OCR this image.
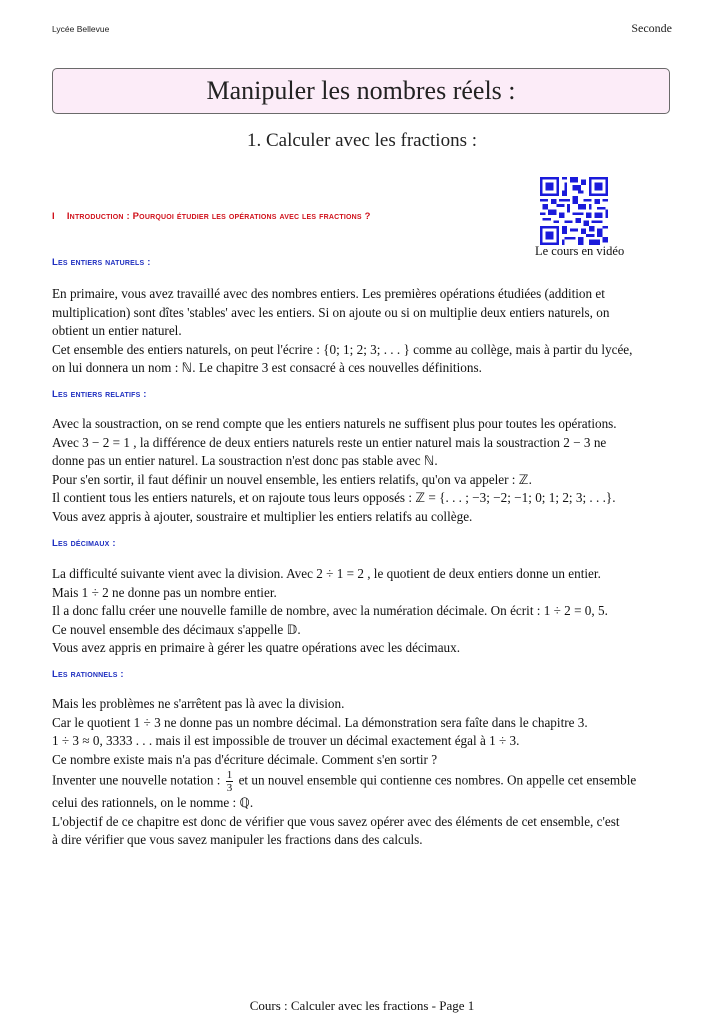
Lycée Bellevue	Seconde
Manipuler les nombres réels :
1. Calculer avec les fractions :
Le cours en vidéo
I Introduction : Pourquoi étudier les opérations avec les fractions ?
Les entiers naturels :

En primaire, vous avez travaillé avec des nombres entiers. Les premières opérations étudiées (addition et

multiplication) sont dîtes 'stables' avec les entiers. Si on ajoute ou si on multiplie deux entiers naturels, on

obtient un entier naturel.

Cet ensemble des entiers naturels, on peut l'écrire : {0; 1; 2; 3; . . . } comme au collège, mais à partir du lycée,

on lui donnera un nom : ℕ. Le chapitre 3 est consacré à ces nouvelles définitions.

Les entiers relatifs :

Avec la soustraction, on se rend compte que les entiers naturels ne suffisent plus pour toutes les opérations.

Avec 3 − 2 = 1 , la différence de deux entiers naturels reste un entier naturel mais la soustraction 2 − 3 ne

donne pas un entier naturel. La soustraction n'est donc pas stable avec ℕ.

Pour s'en sortir, il faut définir un nouvel ensemble, les entiers relatifs, qu'on va appeler : ℤ.

Il contient tous les entiers naturels, et on rajoute tous leurs opposés : ℤ = {. . . ; −3; −2; −1; 0; 1; 2; 3; . . .}.

Vous avez appris à ajouter, soustraire et multiplier les entiers relatifs au collège.

Les décimaux :

La difficulté suivante vient avec la division. Avec 2 ÷ 1 = 2 , le quotient de deux entiers donne un entier.

Mais 1 ÷ 2 ne donne pas un nombre entier.

Il a donc fallu créer une nouvelle famille de nombre, avec la numération décimale. On écrit : 1 ÷ 2 = 0, 5.

Ce nouvel ensemble des décimaux s'appelle 𝔻.

Vous avez appris en primaire à gérer les quatre opérations avec les décimaux.

Les rationnels :

Mais les problèmes ne s'arrêtent pas là avec la division.

Car le quotient 1 ÷ 3 ne donne pas un nombre décimal. La démonstration sera faîte dans le chapitre 3.

1 ÷ 3 ≈ 0, 3333 . . . mais il est impossible de trouver un décimal exactement égal à 1 ÷ 3.

Ce nombre existe mais n'a pas d'écriture décimale. Comment s'en sortir ?

Inventer une nouvelle notation : $\frac{1}{3}$ et un nouvel ensemble qui contienne ces nombres. On appelle cet ensemble

celui des rationnels, on le nomme : ℚ.

L'objectif de ce chapitre est donc de vérifier que vous savez opérer avec des éléments de cet ensemble, c'est

à dire vérifier que vous savez manipuler les fractions dans des calculs.

Cours : Calculer avec les fractions - Page 1
